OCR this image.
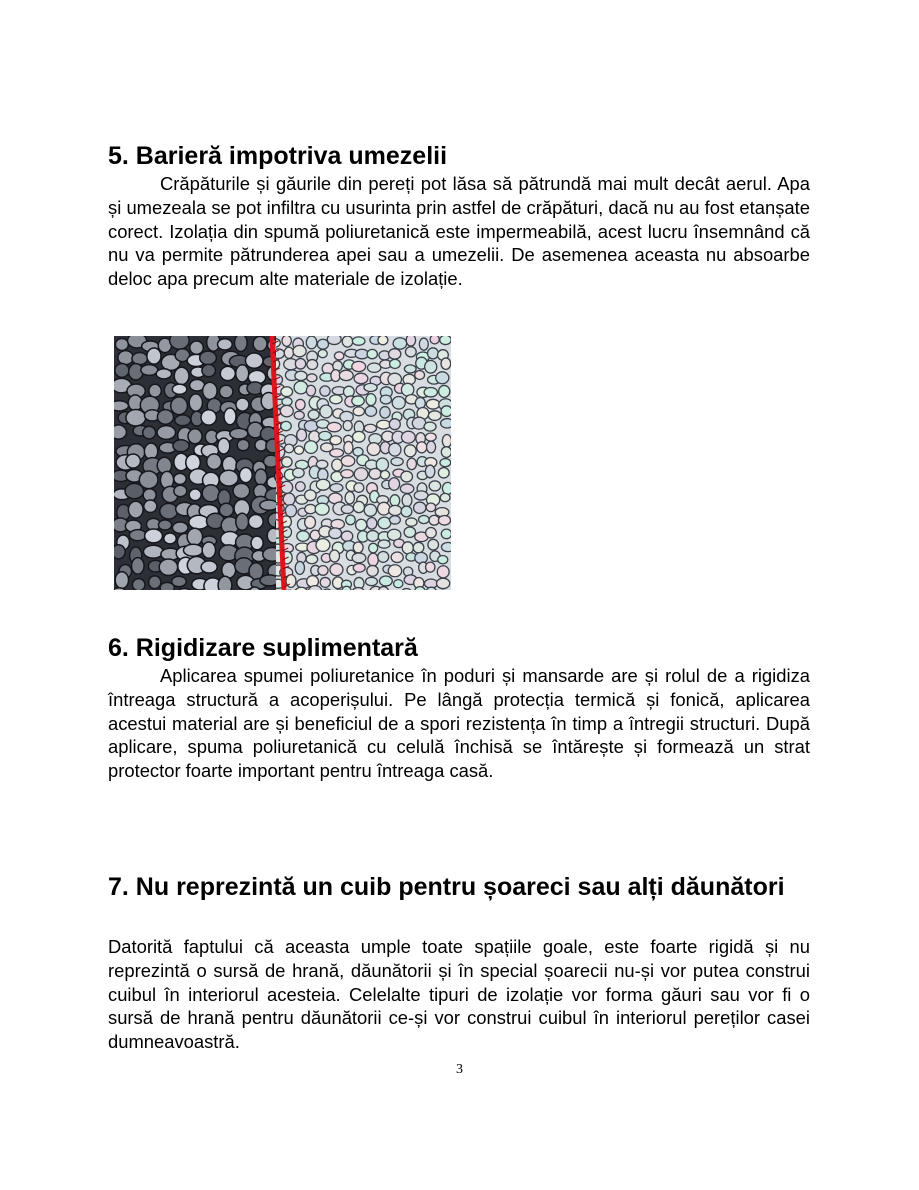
5. Barieră impotriva umezelii

Crăpăturile și găurile din pereți pot lăsa să pătrundă mai mult decât aerul. Apa și umezeala se pot infiltra cu usurinta prin astfel de crăpături, dacă nu au fost etanșate corect. Izolația din spumă poliuretanică este impermeabilă, acest lucru însemnând că nu va permite pătrunderea apei sau a umezelii. De asemenea aceasta nu absoarbe deloc apa precum alte materiale de izolație.

6. Rigidizare suplimentară

Aplicarea spumei poliuretanice în poduri și mansarde are și rolul de a rigidiza întreaga structură a acoperișului. Pe lângă protecția termică și fonică, aplicarea acestui material are și beneficiul de a spori rezistența în timp a întregii structuri. După aplicare, spuma poliuretanică cu celulă închisă se întărește și formează un strat protector foarte important pentru întreaga casă.

7. Nu reprezintă un cuib pentru șoareci sau alți dăunători

Datorită faptului că aceasta umple toate spațiile goale, este foarte rigidă și nu reprezintă o sursă de hrană, dăunătorii și în special șoarecii nu-și vor putea construi cuibul în interiorul acesteia. Celelalte tipuri de izolație vor forma găuri sau vor fi o sursă de hrană pentru dăunătorii ce-și vor construi cuibul în interiorul pereților casei dumneavoastră.

3
